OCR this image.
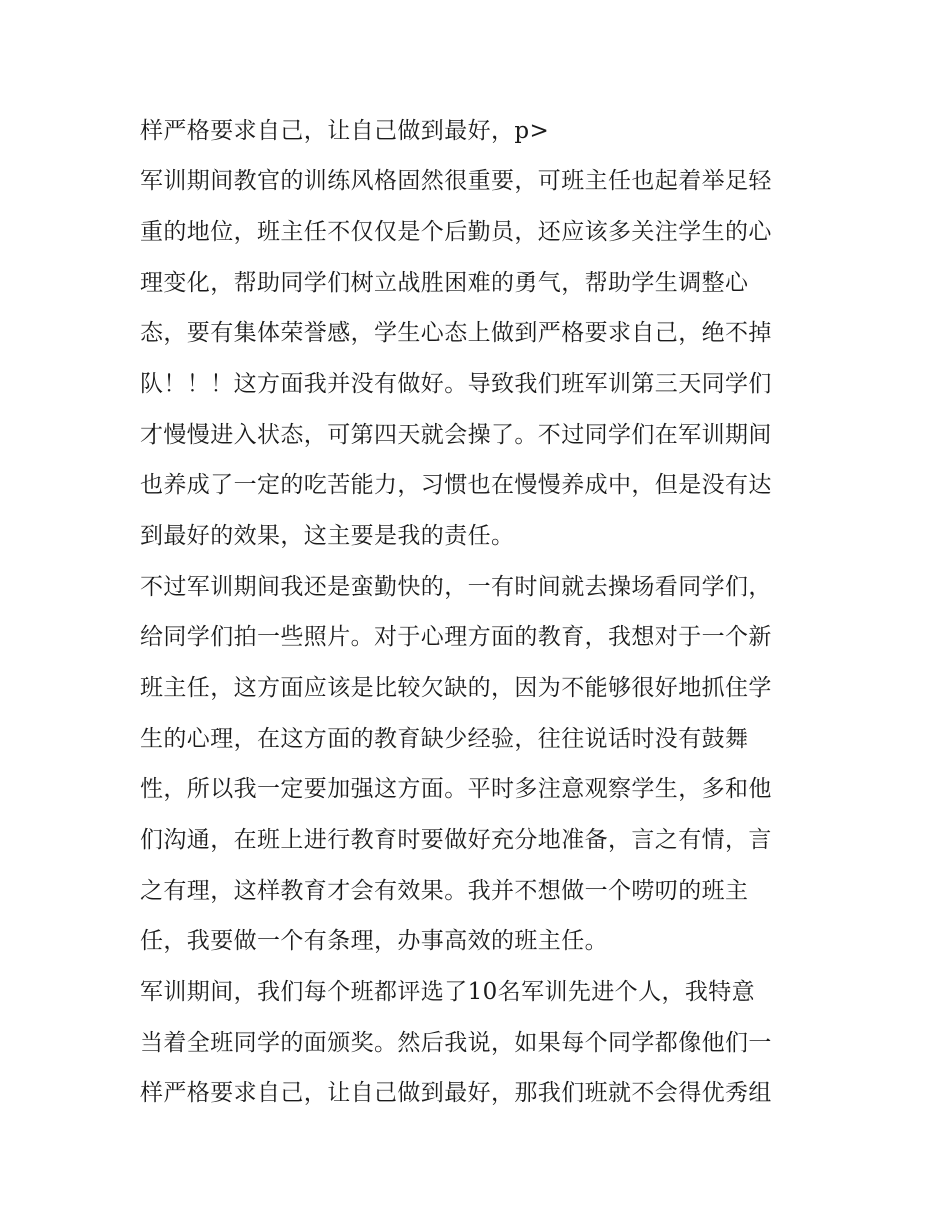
样严格要求自己，让自己做到最好，p>
军训期间教官的训练风格固然很重要，可班主任也起着举足轻
重的地位，班主任不仅仅是个后勤员，还应该多关注学生的心
理变化，帮助同学们树立战胜困难的勇气，帮助学生调整心
态，要有集体荣誉感，学生心态上做到严格要求自己，绝不掉
队！！！这方面我并没有做好。导致我们班军训第三天同学们
才慢慢进入状态，可第四天就会操了。不过同学们在军训期间
也养成了一定的吃苦能力，习惯也在慢慢养成中，但是没有达
到最好的效果，这主要是我的责任。
不过军训期间我还是蛮勤快的，一有时间就去操场看同学们，
给同学们拍一些照片。对于心理方面的教育，我想对于一个新
班主任，这方面应该是比较欠缺的，因为不能够很好地抓住学
生的心理，在这方面的教育缺少经验，往往说话时没有鼓舞
性，所以我一定要加强这方面。平时多注意观察学生，多和他
们沟通，在班上进行教育时要做好充分地准备，言之有情，言
之有理，这样教育才会有效果。我并不想做一个唠叨的班主
任，我要做一个有条理，办事高效的班主任。
军训期间，我们每个班都评选了10名军训先进个人，我特意
当着全班同学的面颁奖。然后我说，如果每个同学都像他们一
样严格要求自己，让自己做到最好，那我们班就不会得优秀组
